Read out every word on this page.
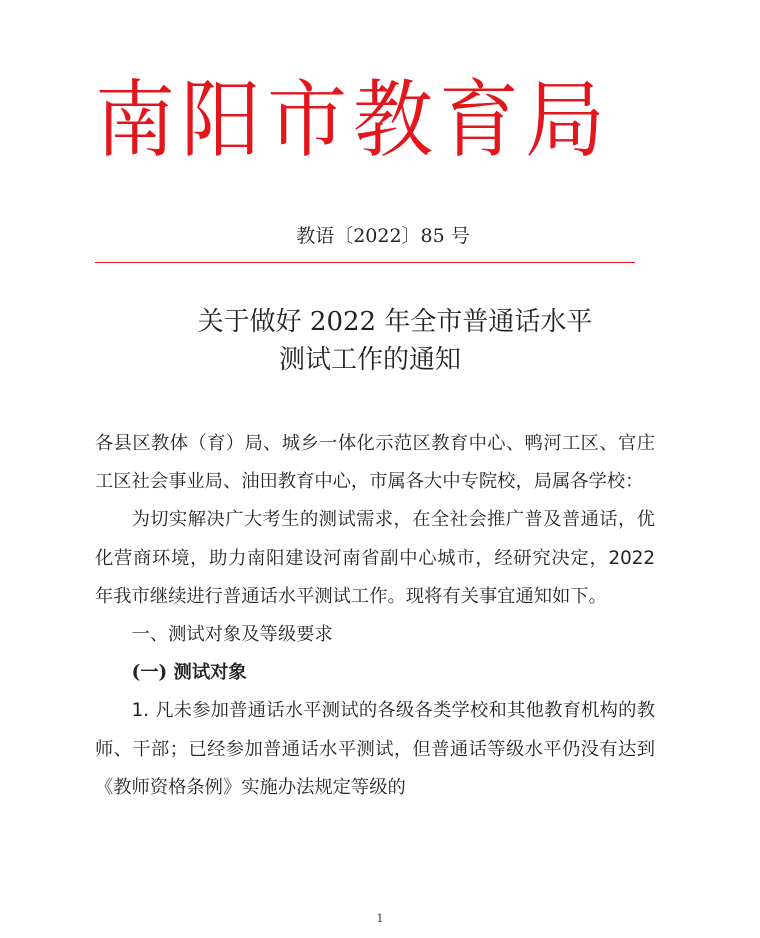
南阳市教育局
教语〔2022〕85 号
关于做好 2022 年全市普通话水平
测试工作的通知

各县区教体（育）局、城乡一体化示范区教育中心、鸭河工区、官庄工区社会事业局、油田教育中心，市属各大中专院校，局属各学校：

为切实解决广大考生的测试需求，在全社会推广普及普通话，优化营商环境，助力南阳建设河南省副中心城市，经研究决定，2022 年我市继续进行普通话水平测试工作。现将有关事宜通知如下。

一、测试对象及等级要求

(一) 测试对象

1. 凡未参加普通话水平测试的各级各类学校和其他教育机构的教师、干部；已经参加普通话水平测试，但普通话等级水平仍没有达到《教师资格条例》实施办法规定等级的

1
